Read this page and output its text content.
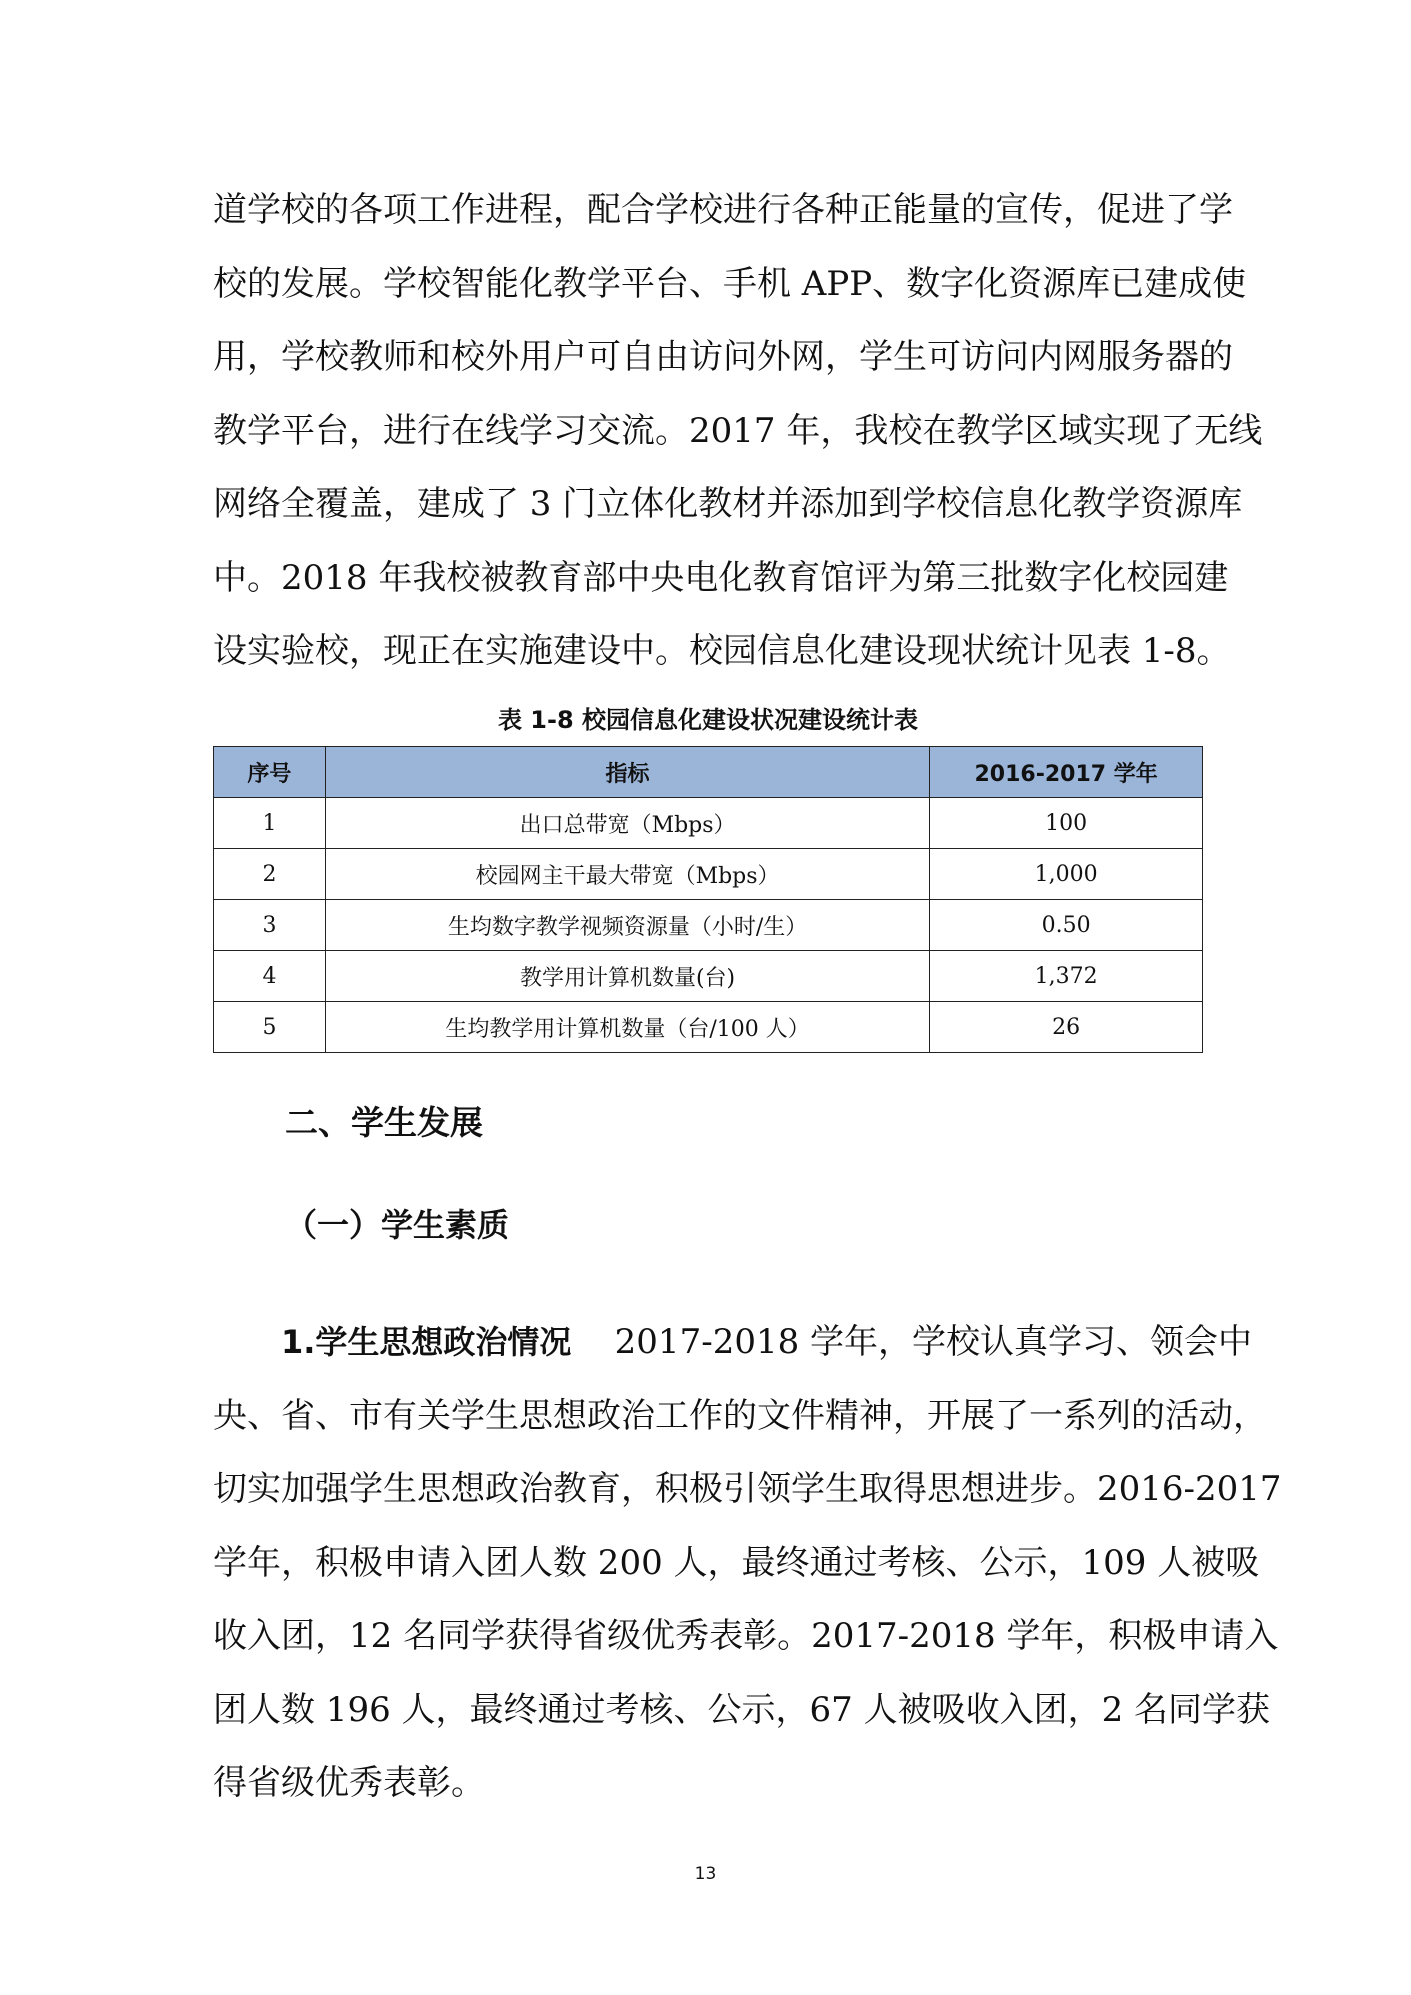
道学校的各项工作进程，配合学校进行各种正能量的宣传，促进了学
校的发展。学校智能化教学平台、手机 APP、数字化资源库已建成使
用，学校教师和校外用户可自由访问外网，学生可访问内网服务器的
教学平台，进行在线学习交流。2017 年，我校在教学区域实现了无线
网络全覆盖，建成了 3 门立体化教材并添加到学校信息化教学资源库
中。2018 年我校被教育部中央电化教育馆评为第三批数字化校园建
设实验校，现正在实施建设中。校园信息化建设现状统计见表 1-8。
表 1-8 校园信息化建设状况建设统计表
序号	指标	2016-2017 学年
1	出口总带宽（Mbps）	100
2	校园网主干最大带宽（Mbps）	1,000
3	生均数字教学视频资源量（小时/生）	0.50
4	教学用计算机数量(台)	1,372
5	生均教学用计算机数量（台/100 人）	26
二、学生发展
（一）学生素质
1.学生思想政治情况 2017-2018 学年，学校认真学习、领会中
央、省、市有关学生思想政治工作的文件精神，开展了一系列的活动，
切实加强学生思想政治教育，积极引领学生取得思想进步。2016-2017
学年，积极申请入团人数 200 人，最终通过考核、公示，109 人被吸
收入团，12 名同学获得省级优秀表彰。2017-2018 学年，积极申请入
团人数 196 人，最终通过考核、公示，67 人被吸收入团，2 名同学获
得省级优秀表彰。
13
